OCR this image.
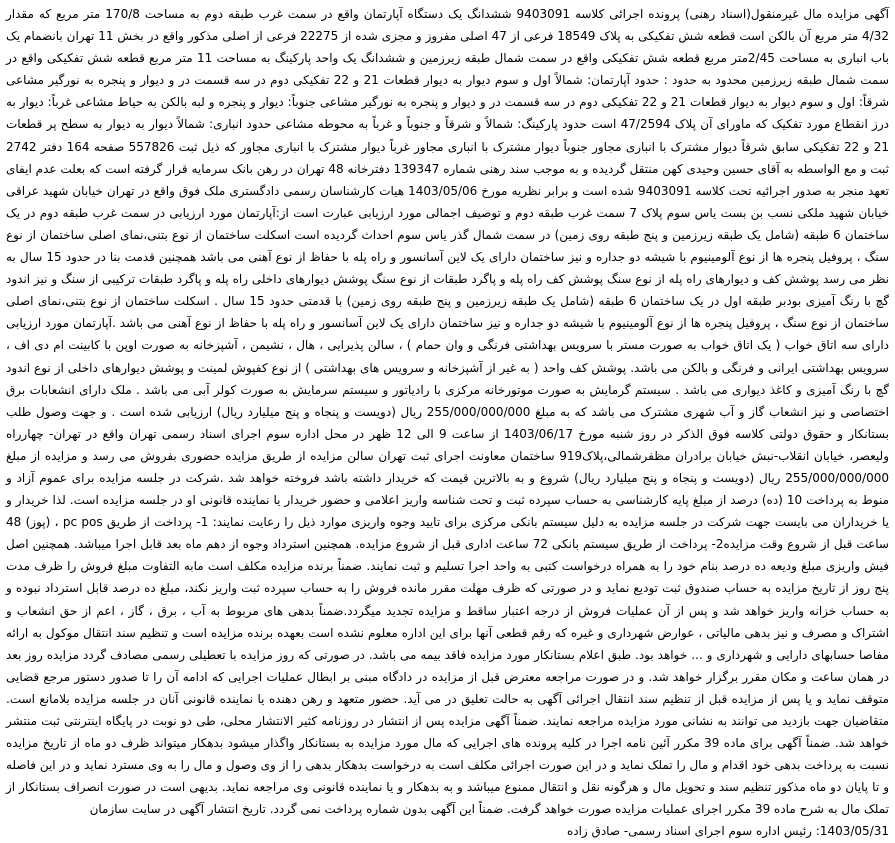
آگهی مزایده مال غیرمنقول(اسناد رهنی) پرونده اجرائی کلاسه 9403091 ششدانگ یک دستگاه آپارتمان واقع در سمت غرب طبقه دوم به مساحت 170/8 متر مربع که مقدار 4/32 متر مربع آن بالکن است قطعه شش تفکیکی به پلاک 18549 فرعی از 47 اصلی مفروز و مجزی شده از 22275 فرعی از اصلی مذکور واقع در بخش 11 تهران بانضمام یک باب انباری به مساحت 2/45متر مربع قطعه شش تفکیکی واقع در سمت شمال طبقه زیرزمین و ششدانگ یک واحد پارکینگ به مساحت 11 متر مربع قطعه شش تفکیکی واقع در سمت شمال طبقه زیرزمین محدود به حدود : حدود آپارتمان: شمالاً اول و سوم دیوار به دیوار قطعات 21 و 22 تفکیکی دوم در سه قسمت در و دیوار و پنجره به نورگیر مشاعی شرقاً: اول و سوم دیوار به دیوار قطعات 21 و 22 تفکیکی دوم در سه قسمت در و دیوار و پنجره به نورگیر مشاعی جنوباً: دیوار و پنجره و لبه بالکن به حیاط مشاعی غرباً: دیوار به درز انقطاع مورد تفکیک که ماورای آن پلاک 47/2594 است حدود پارکینگ: شمالاً و شرقاً و جنوباً و غرباً به محوطه مشاعی حدود انباری: شمالاً دیوار به دیوار به سطح پر قطعات 21 و 22 تفکیکی سابق شرقاً دیوار مشترک با انباری مجاور جنوباً دیوار مشترک با انباری مجاور غرباً دیوار مشترک با انباری مجاور که ذیل ثبت 557826 صفحه 164 دفتر 2742 ثبت و مع الواسطه به آقای حسین وحیدی کهن منتقل گردیده و به موجب سند رهنی شماره 139347 دفترخانه 48 تهران در رهن بانک سرمایه قرار گرفته است که بعلت عدم ایفای تعهد منجر به صدور اجرائیه تحت کلاسه 9403091 شده است و برابر نظریه مورخ 1403/05/06 هیات کارشناسان رسمی دادگستری ملک فوق واقع در تهران خیابان شهید عراقی خیابان شهید ملکی نسب بن بست یاس سوم پلاک 7 سمت غرب طبقه دوم و توصیف اجمالی مورد ارزیابی عبارت است از:آپارتمان مورد ارزیابی در سمت غرب طبقه دوم در یک ساختمان 6 طبقه (شامل یک طبقه زیرزمین و پنج طبقه روی زمین) در سمت شمال گذر یاس سوم احداث گردیده است اسکلت ساختمان از نوع بتنی،نمای اصلی ساختمان از نوع سنگ ، پروفیل پنجره ها از نوع آلومینیوم با شیشه دو جداره و نیز ساختمان دارای یک لاین آسانسور و راه پله با حفاظ از نوع آهنی می باشد همچنین قدمت بنا در حدود 15 سال به نظر می رسد پوشش کف و دیوارهای راه پله از نوع سنگ پوشش کف راه پله و پاگرد طبقات از نوع سنگ پوشش دیوارهای داخلی راه پله و پاگرد طبقات ترکیبی از سنگ و نیز اندود گچ با رنگ آمیزی بودبر طبقه اول در یک ساختمان 6 طبقه (شامل یک طبقه زیرزمین و پنج طبقه روی زمین) با قدمتی حدود 15 سال . اسکلت ساختمان از نوع بتنی،نمای اصلی ساختمان از نوع سنگ ، پروفیل پنجره ها از نوع آلومینیوم با شیشه دو جداره و نیز ساختمان دارای یک لاین آسانسور و راه پله با حفاظ از نوع آهنی می باشد .آپارتمان مورد ارزیابی دارای سه اتاق خواب ( یک اتاق خواب به صورت مستر با سرویس بهداشتی فرنگی و وان حمام ) ، سالن پذیرایی ، هال ، نشیمن ، آشپزخانه به صورت اوپن با کابینت ام دی اف ، سرویس بهداشتی ایرانی و فرنگی و بالکن می باشد. پوشش کف واحد ( به غیر از آشپزخانه و سرویس های بهداشتی ) از نوع کفپوش لمینت و پوشش دیوارهای داخلی از نوع اندود گچ با رنگ آمیزی و کاغذ دیواری می باشد . سیستم گرمایش به صورت موتورخانه مرکزی با رادیاتور و سیستم سرمایش به صورت کولر آبی می باشد . ملک دارای انشعابات برق اختصاصی و نیز انشعاب گاز و آب شهری مشترک می باشد که به مبلغ 255/000/000/000 ریال (دویست و پنجاه و پنج میلیارد ریال) ارزیابی شده است . و جهت وصول طلب بستانکار و حقوق دولتی کلاسه فوق الذکر در روز شنبه مورخ 1403/06/17 از ساعت 9 الی 12 ظهر در محل اداره سوم اجرای اسناد رسمی تهران واقع در تهران- چهارراه ولیعصر، خیابان انقلاب-نبش خیابان برادران مظفرشمالی،پلاک919 ساختمان معاونت اجرای ثبت تهران سالن مزایده از طریق مزایده حضوری بفروش می رسد و مزایده از مبلغ 255/000/000/000 ریال (دویست و پنجاه و پنج میلیارد ریال) شروع و به بالاترین قیمت که خریدار داشته باشد فروخته خواهد شد .شرکت در جلسه مزایده برای عموم آزاد و منوط به پرداخت 10 (ده) درصد از مبلغ پایه کارشناسی به حساب سپرده ثبت و تحت شناسه واریز اعلامی و حضور خریدار یا نماینده قانونی او در جلسه مزایده است. لذا خریدار و یا خریداران می بایست جهت شرکت در جلسه مزایده به دلیل سیستم بانکی مرکزی برای تایید وجوه واریزی موارد ذیل را رعایت نمایند: 1- پرداخت از طریق pc pos ، (پوز) 48 ساعت قبل از شروع وقت مزایده2- پرداخت از طریق سیستم بانکی 72 ساعت اداری قبل از شروع مزایده. همچنین استرداد وجوه از دهم ماه بعد قابل اجرا میباشد. همچنین اصل فیش واریزی مبلغ ودیعه ده درصد بنام خود را به همراه درخواست کتبی به واحد اجرا تسلیم و ثبت نمایند. ضمناً برنده مزایده مکلف است مابه التفاوت مبلغ فروش را ظرف مدت پنج روز از تاریخ مزایده به حساب صندوق ثبت تودیع نماید و در صورتی که ظرف مهلت مقرر مانده فروش را به حساب سپرده ثبت واریز نکند، مبلغ ده درصد قابل استرداد نبوده و به حساب خزانه واریز خواهد شد و پس از آن عملیات فروش از درجه اعتبار ساقط و مزایده تجدید میگردد.ضمناً بدهی های مربوط به آب ، برق ، گاز ، اعم از حق انشعاب و اشتراک و مصرف و نیز بدهی مالیاتی ، عوارض شهرداری و غیره که رقم قطعی آنها برای این اداره معلوم نشده است بعهده برنده مزایده است و تنظیم سند انتقال موکول به ارائه مفاصا حسابهای دارایی و شهرداری و ... خواهد بود. طبق اعلام بستانکار مورد مزایده فاقد بیمه می باشد. در صورتی که روز مزایده با تعطیلی رسمی مصادف گردد مزایده روز بعد در همان ساعت و مکان مقرر برگزار خواهد شد. و در صورت مراجعه معترض قبل از مزایده در دادگاه مبنی بر ابطال عملیات اجرایی که ادامه آن را تا صدور دستور مرجع قضایی متوقف نماید و یا پس از مزایده قبل از تنظیم سند انتقال اجرائی آگهی به حالت تعلیق در می آید. حضور متعهد و رهن دهنده یا نماینده قانونی آنان در جلسه مزایده بلامانع است. متقاضیان جهت بازدید می توانند به نشانی مورد مزایده مراجعه نمایند. ضمناً آگهی مزایده پس از انتشار در روزنامه کثیر الانتشار محلی، طی دو نوبت در پایگاه اینترنتی ثبت منتشر خواهد شد. ضمناً آگهی برای ماده 39 مکرر آئین نامه اجرا در کلیه پرونده های اجرایی که مال مورد مزایده به بستانکار واگذار میشود بدهکار میتواند ظرف دو ماه از تاریخ مزایده نسبت به پرداخت بدهی خود اقدام و مال را تملک نماید و در این صورت اجرائی مکلف است به درخواست بدهکار بدهی را از وی وصول و مال را به وی مسترد نماید و در این فاصله و تا پایان دو ماه مذکور تنظیم سند و تحویل مال و هرگونه نقل و انتقال ممنوع میباشد و به بدهکار و یا نماینده قانونی وی مراجعه نماید. بدیهی است در صورت انصراف بستانکار از تملک مال به شرح ماده 39 مکرر اجرای عملیات مزایده صورت خواهد گرفت. ضمناً این آگهی بدون شماره پرداخت نمی گردد. تاریخ انتشار آگهی در سایت سازمان

1403/05/31: رئیس اداره سوم اجرای اسناد رسمی- صادق زاده
